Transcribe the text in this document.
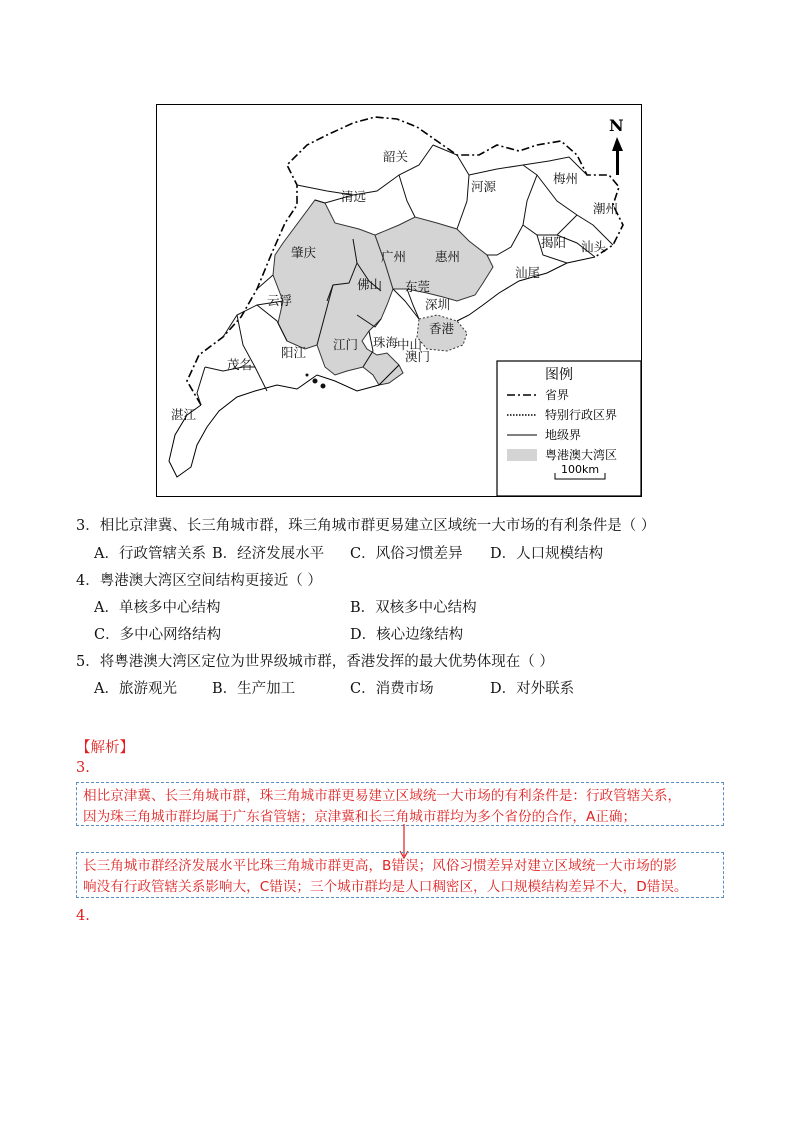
N
韶关
清远
河源
梅州
潮州
揭阳 汕头
汕尾
肇庆	广州 惠州
佛山 东莞
深圳
云浮
中山
香港
江门 珠海
澳门
茂名
阳江
湛江
图例
省界
特别行政区界
地级界
粤港澳大湾区
100km
3．相比京津冀、长三角城市群，珠三角城市群更易建立区域统一大市场的有利条件是（ ）
A．行政管辖关系 B．经济发展水平 C．风俗习惯差异 D．人口规模结构
4．粤港澳大湾区空间结构更接近（ ）
A．单核多中心结构	B．双核多中心结构
C．多中心网络结构	D．核心边缘结构
5．将粤港澳大湾区定位为世界级城市群，香港发挥的最大优势体现在（ ）
A．旅游观光 B．生产加工	C．消费市场	D．对外联系
【解析】
3.
相比京津冀、长三角城市群，珠三角城市群更易建立区域统一大市场的有利条件是：行政管辖关系，
因为珠三角城市群均属于广东省管辖；京津冀和长三角城市群均为多个省份的合作，A正确；
长三角城市群经济发展水平比珠三角城市群更高，B错误；风俗习惯差异对建立区域统一大市场的影
响没有行政管辖关系影响大，C错误；三个城市群均是人口稠密区，人口规模结构差异不大，D错误。
4.
